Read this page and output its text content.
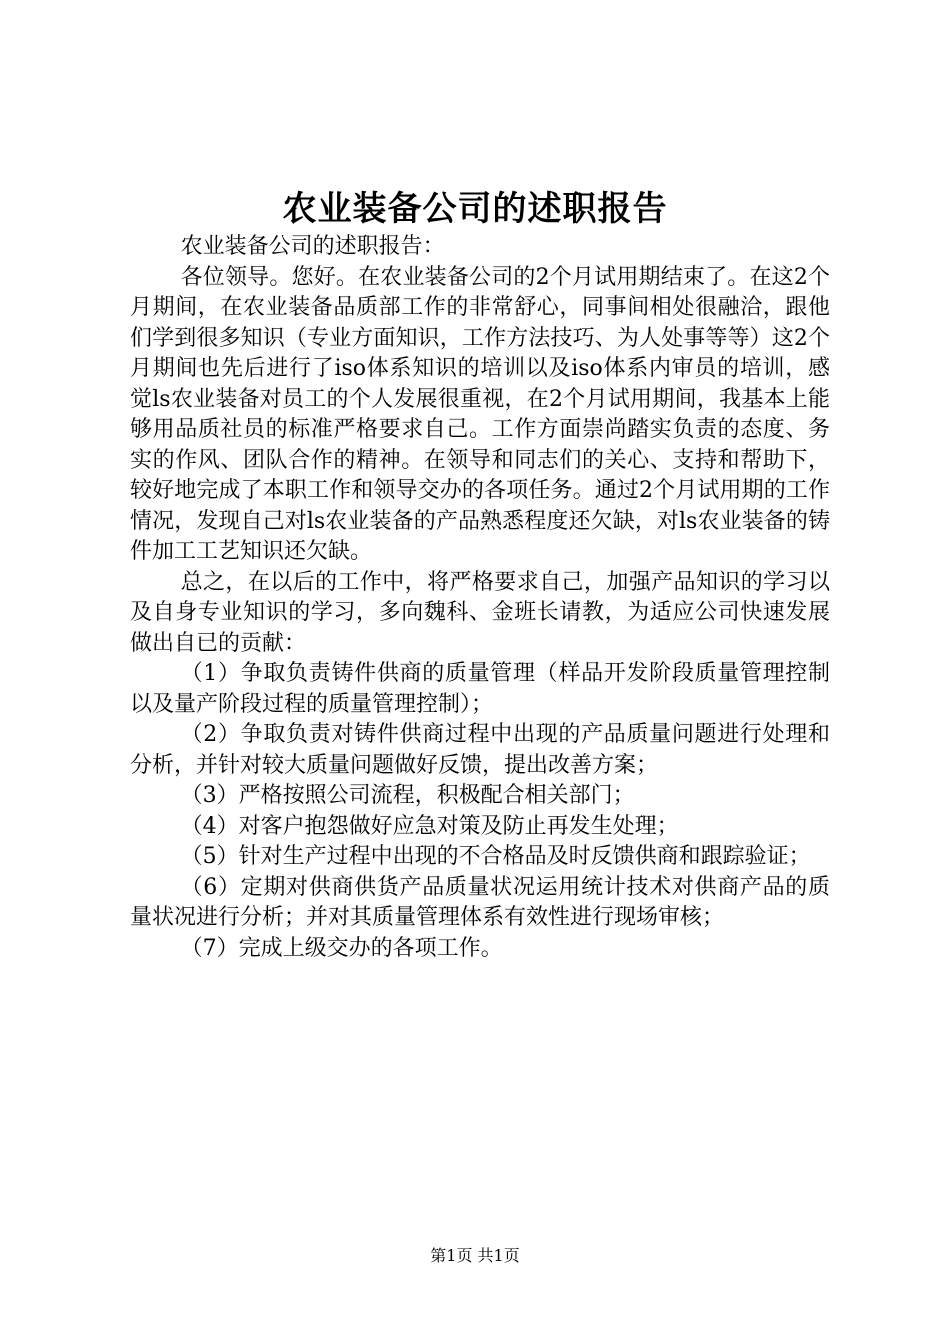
农业装备公司的述职报告

农业装备公司的述职报告：

各位领导。您好。在农业装备公司的2个月试用期结束了。在这2个月期间，在农业装备品质部工作的非常舒心，同事间相处很融洽，跟他们学到很多知识（专业方面知识，工作方法技巧、为人处事等等）这2个月期间也先后进行了iso体系知识的培训以及iso体系内审员的培训，感觉ls农业装备对员工的个人发展很重视，在2个月试用期间，我基本上能够用品质社员的标准严格要求自己。工作方面崇尚踏实负责的态度、务实的作风、团队合作的精神。在领导和同志们的关心、支持和帮助下，较好地完成了本职工作和领导交办的各项任务。通过2个月试用期的工作情况，发现自己对ls农业装备的产品熟悉程度还欠缺，对ls农业装备的铸件加工工艺知识还欠缺。

总之，在以后的工作中，将严格要求自己，加强产品知识的学习以及自身专业知识的学习，多向魏科、金班长请教，为适应公司快速发展做出自已的贡献：

（1）争取负责铸件供商的质量管理（样品开发阶段质量管理控制以及量产阶段过程的质量管理控制）；

（2）争取负责对铸件供商过程中出现的产品质量问题进行处理和分析，并针对较大质量问题做好反馈，提出改善方案；

（3）严格按照公司流程，积极配合相关部门；

（4）对客户抱怨做好应急对策及防止再发生处理；

（5）针对生产过程中出现的不合格品及时反馈供商和跟踪验证；

（6）定期对供商供货产品质量状况运用统计技术对供商产品的质量状况进行分析；并对其质量管理体系有效性进行现场审核；

（7）完成上级交办的各项工作。

第1页 共1页
